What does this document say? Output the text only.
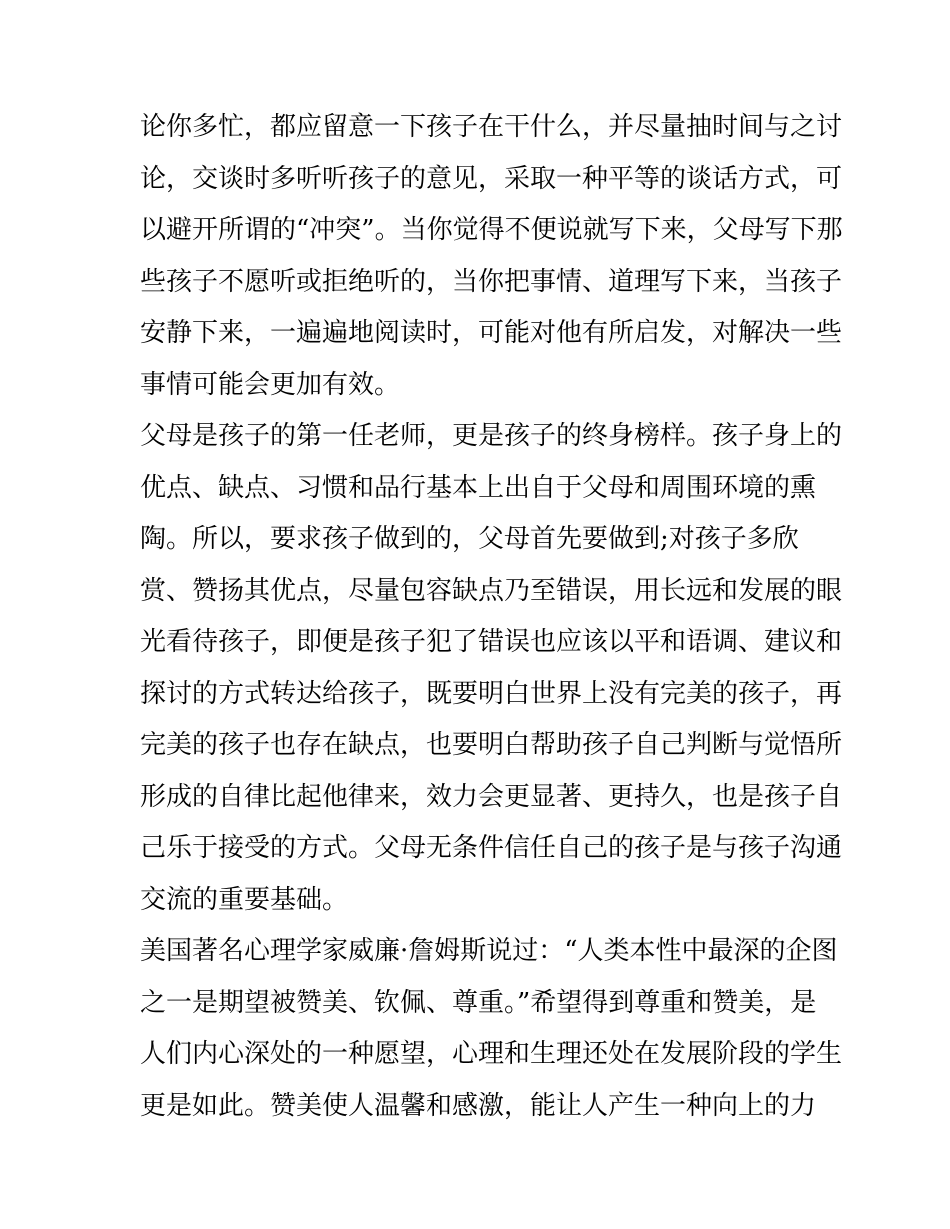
论你多忙，都应留意一下孩子在干什么，并尽量抽时间与之讨
论，交谈时多听听孩子的意见，采取一种平等的谈话方式，可
以避开所谓的“冲突”。当你觉得不便说就写下来，父母写下那
些孩子不愿听或拒绝听的，当你把事情、道理写下来，当孩子
安静下来，一遍遍地阅读时，可能对他有所启发，对解决一些
事情可能会更加有效。
父母是孩子的第一任老师，更是孩子的终身榜样。孩子身上的
优点、缺点、习惯和品行基本上出自于父母和周围环境的熏
陶。所以，要求孩子做到的，父母首先要做到;对孩子多欣
赏、赞扬其优点，尽量包容缺点乃至错误，用长远和发展的眼
光看待孩子，即便是孩子犯了错误也应该以平和语调、建议和
探讨的方式转达给孩子，既要明白世界上没有完美的孩子，再
完美的孩子也存在缺点，也要明白帮助孩子自己判断与觉悟所
形成的自律比起他律来，效力会更显著、更持久，也是孩子自
己乐于接受的方式。父母无条件信任自己的孩子是与孩子沟通
交流的重要基础。
美国著名心理学家威廉·詹姆斯说过：“人类本性中最深的企图
之一是期望被赞美、钦佩、尊重。”希望得到尊重和赞美，是
人们内心深处的一种愿望，心理和生理还处在发展阶段的学生
更是如此。赞美使人温馨和感激，能让人产生一种向上的力
